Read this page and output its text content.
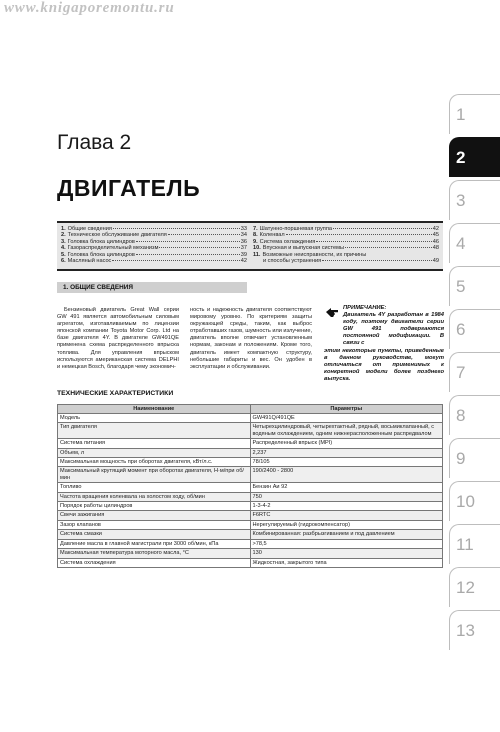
www.knigaporemontu.ru
Глава 2
ДВИГАТЕЛЬ
1. Общие сведения	33
2. Техническое обслуживание двигателя	34
3. Головка блока цилиндров	36
4. Газораспределительный механизм	37
5. Головка блока цилиндров	39
6. Масляный насос	42
7. Шатунно-поршневая группа	42
8. Коленвал	45
9. Система охлаждения	46
10. Впускная и выпускная системы	48
11. Возможные неисправности, их причины
и способы устранения	49
1. ОБЩИЕ СВЕДЕНИЯ

Бензиновый двигатель Great Wall серии GW 491 является автомобильным силовым агрегатом, изготавливаемым по лицензии японской компании Toyota Motor Corp. Ltd на базе двигателя 4Y. В двигателе GW491QE применена схема распределенного впрыска топлива. Для управления впрыском используются американская система DELPHI и немецкая Bosch, благодаря чему экономич-

ность и надежность двигателя соответствуют мировому уровню. По критериям защиты окружающей среды, таким, как выброс отработавших газов, шумность или излучение, двигатель вполне отвечает установленным нормам, законам и положениям. Кроме того, двигатель имеет компактную структуру, небольшие габариты и вес. Он удобен в эксплуатации и обслуживании.

ПРИМЕЧАНИЕ:
Двигатель 4Y разработан в 1984 году, поэтому двигатели серии GW 491 подвергаются постоянной модификации. В связи с
этим некоторые пункты, приведенные в данном руководстве, могут отличаться от применимых к конкретной модели более позднего выпуска.
ТЕХНИЧЕСКИЕ ХАРАКТЕРИСТИКИ
Наименование	Параметры
Модель	GW491Q/491QE
Тип двигателя	Четырехцилиндровый, четырехтактный, рядный, восьмиклапанный, с водяным охлаждением, одним нижнерасположенным распредвалом
Система питания	Распределенный впрыск (MPI)
Объем, л	2,237
Максимальная мощность при оборотах двигателя, кВт/л.с.	78/105
Максимальный крутящий момент при оборотах двигателя, Н·м/при об/мин	190/2400 - 2800
Топливо	Бензин Аи 92
Частота вращения коленвала на холостом ходу, об/мин	750
Порядок работы цилиндров	1-3-4-2
Свечи зажигания	F6RTC
Зазор клапанов	Нерегулируемый (гидрокомпенсатор)
Система смазки	Комбинированная: разбрызгиванием и под давлением
Давление масла в главной магистрали при 3000 об/мин, кПа	>78,5
Максимальная температура моторного масла, °С	130
Система охлаждения	Жидкостная, закрытого типа
1
2
3
4
5
6
7
8
9
10
11
12
13
